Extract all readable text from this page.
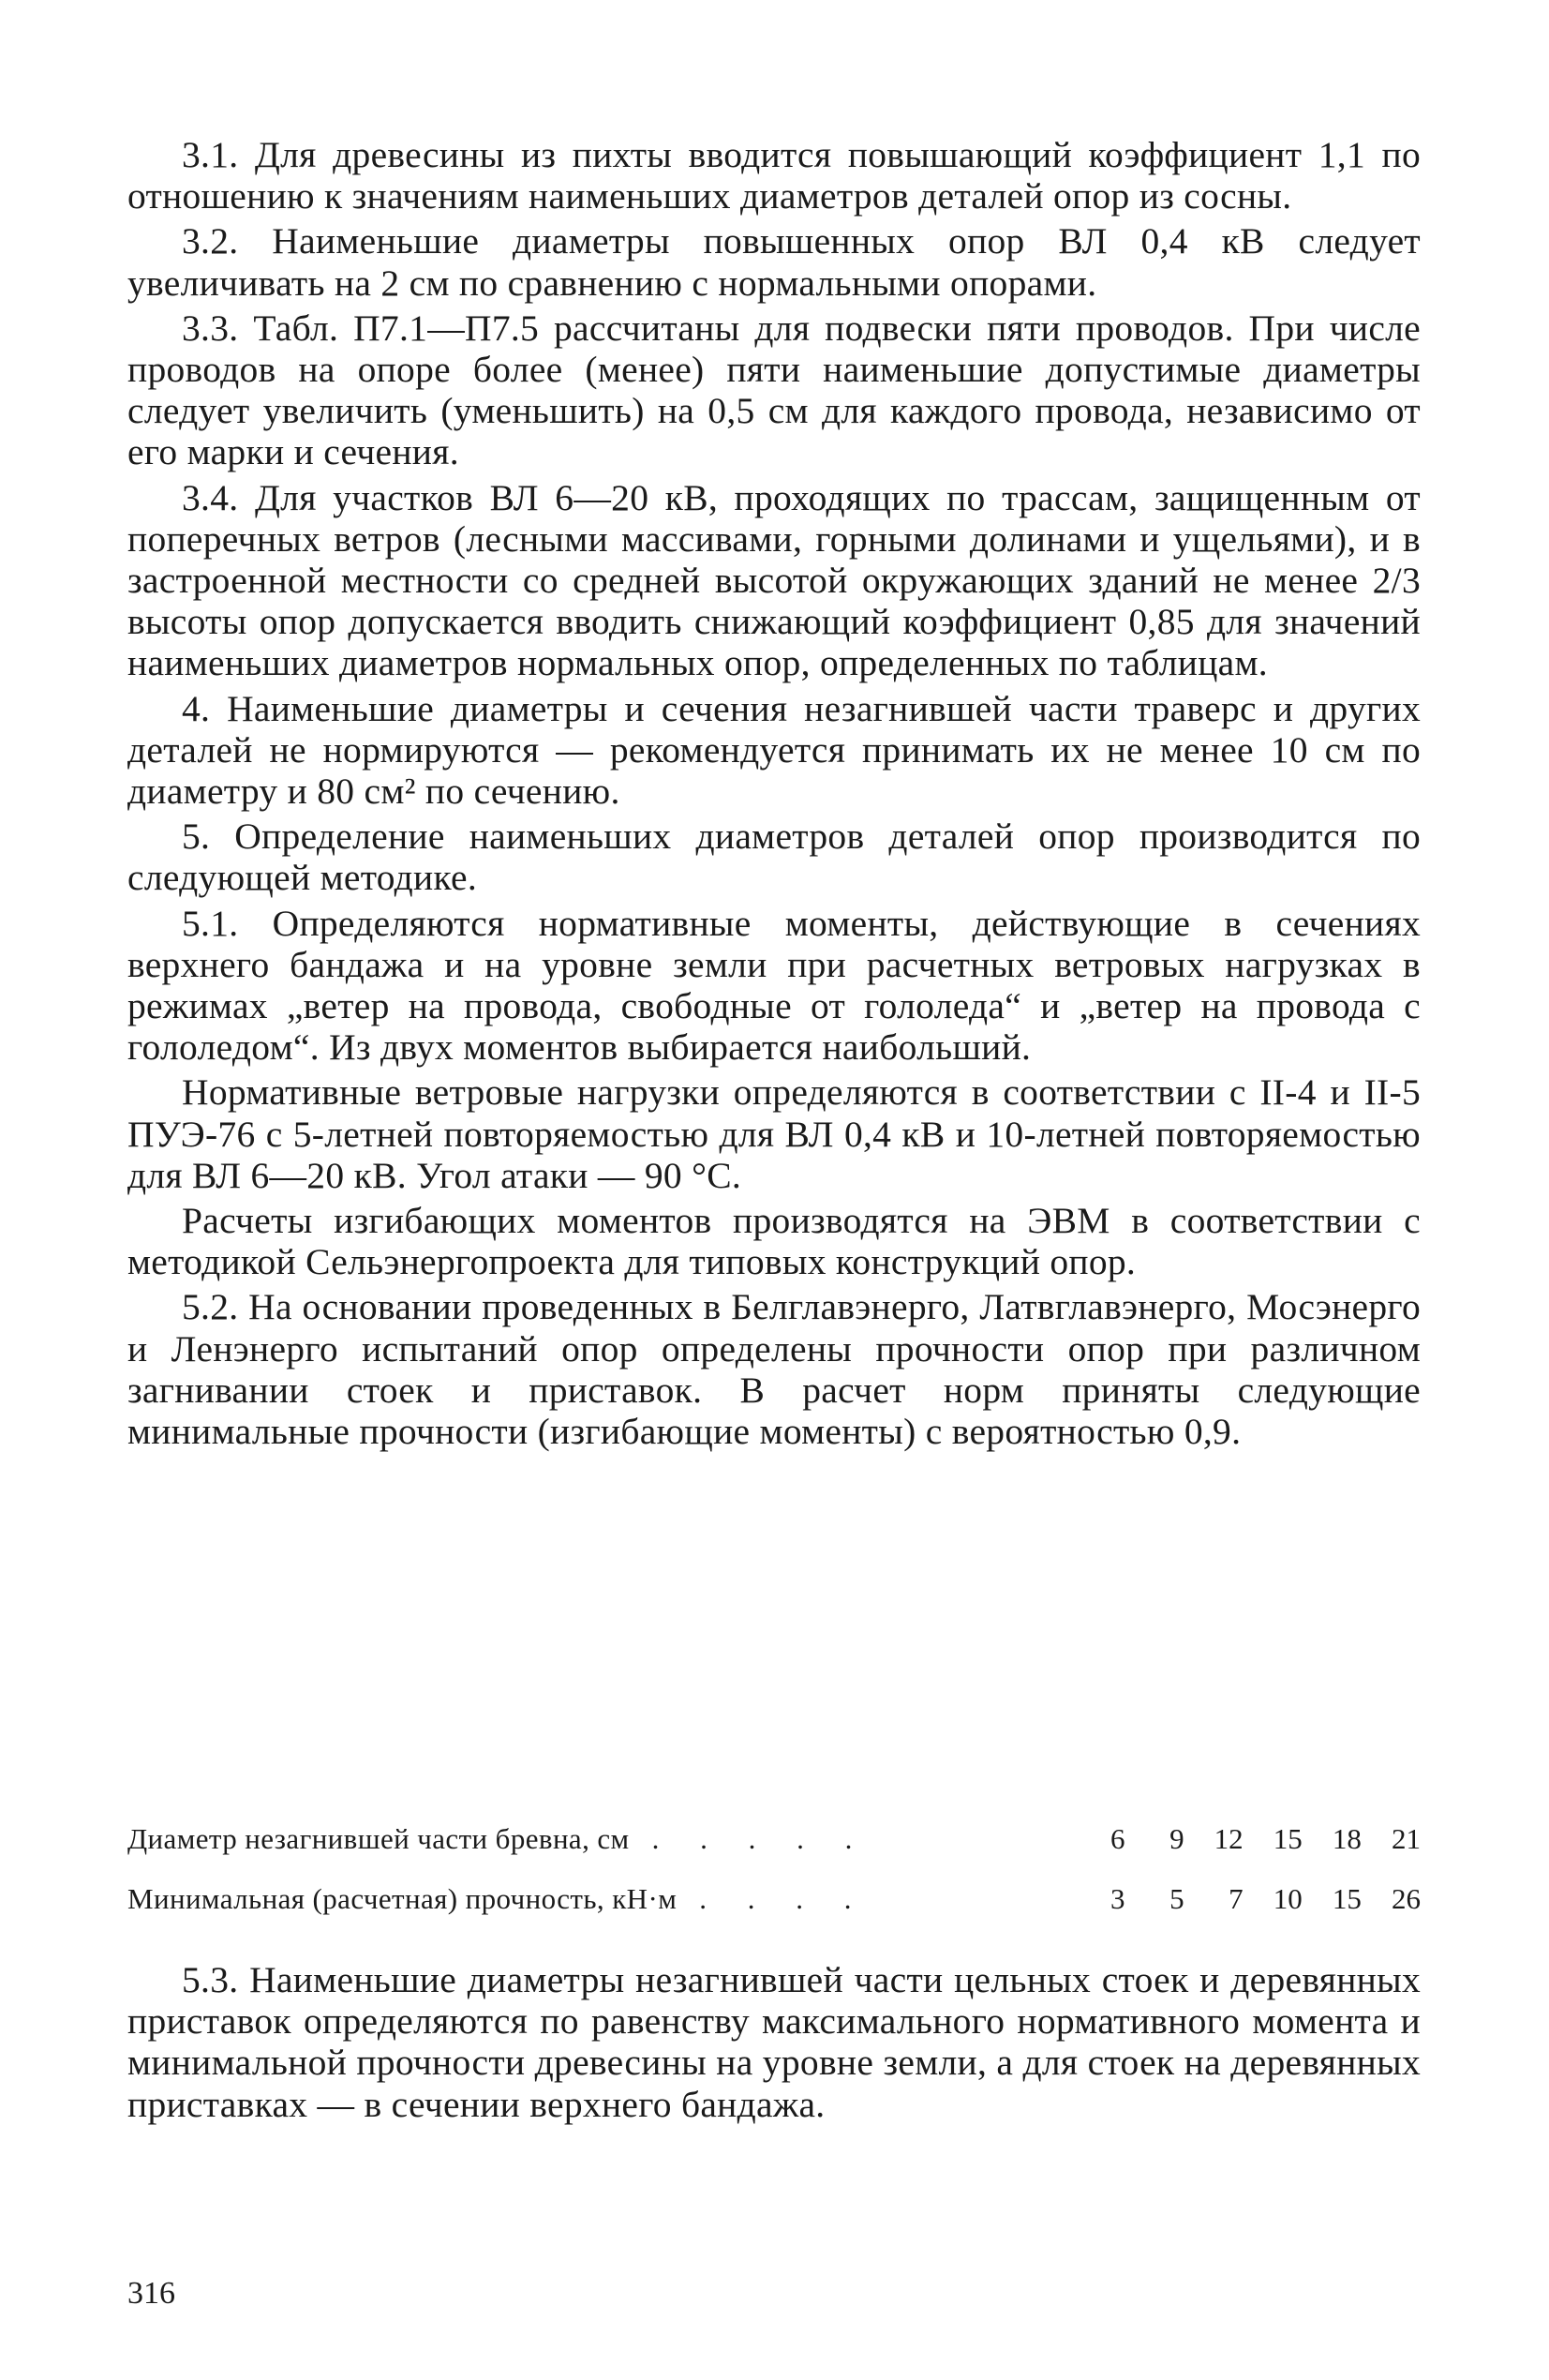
3.1. Для древесины из пихты вводится повышающий коэффициент 1,1 по отношению к значениям наименьших диаметров деталей опор из сосны.

3.2. Наименьшие диаметры повышенных опор ВЛ 0,4 кВ следует увеличивать на 2 см по сравнению с нормальными опорами.

3.3. Табл. П7.1—П7.5 рассчитаны для подвески пяти проводов. При числе проводов на опоре более (менее) пяти наименьшие допустимые диаметры следует увеличить (уменьшить) на 0,5 см для каждого провода, независимо от его марки и сечения.

3.4. Для участков ВЛ 6—20 кВ, проходящих по трассам, защищенным от поперечных ветров (лесными массивами, горными долинами и ущельями), и в застроенной местности со средней высотой окружающих зданий не менее 2/3 высоты опор допускается вводить снижающий коэффициент 0,85 для значений наименьших диаметров нормальных опор, определенных по таблицам.

4. Наименьшие диаметры и сечения незагнившей части траверс и других деталей не нормируются — рекомендуется принимать их не менее 10 см по диаметру и 80 см² по сечению.

5. Определение наименьших диаметров деталей опор производится по следующей методике.

5.1. Определяются нормативные моменты, действующие в сечениях верхнего бандажа и на уровне земли при расчетных ветровых нагрузках в режимах „ветер на провода, свободные от гололеда“ и „ветер на провода с гололедом“. Из двух моментов выбирается наибольший.

Нормативные ветровые нагрузки определяются в соответствии с II-4 и II-5 ПУЭ-76 с 5-летней повторяемостью для ВЛ 0,4 кВ и 10-летней повторяемостью для ВЛ 6—20 кВ. Угол атаки — 90 °С.

Расчеты изгибающих моментов производятся на ЭВМ в соответствии с методикой Сельэнергопроекта для типовых конструкций опор.

5.2. На основании проведенных в Белглавэнерго, Латвглавэнерго, Мосэнерго и Ленэнерго испытаний опор определены прочности опор при различном загнивании стоек и приставок. В расчет норм приняты следующие минимальные прочности (изгибающие моменты) с вероятностью 0,9.

Диаметр незагнившей части бревна, см . . . . .	6	9	12	15	18	21
Минимальная (расчетная) прочность, кН·м . . . .	3	5	7	10	15	26

5.3. Наименьшие диаметры незагнившей части цельных стоек и деревянных приставок определяются по равенству максимального нормативного момента и минимальной прочности древесины на уровне земли, а для стоек на деревянных приставках — в сечении верхнего бандажа.

316
